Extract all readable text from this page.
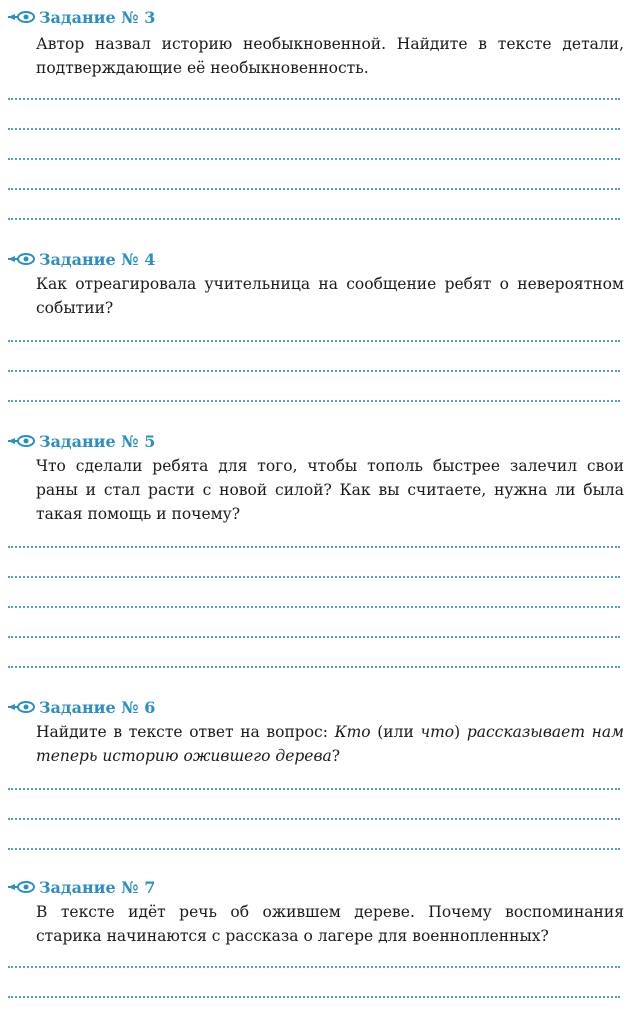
Задание № 3
Автор назвал историю необыкновенной. Найдите в тексте детали, подтверждающие её необыкновенность.
Задание № 4
Как отреагировала учительница на сообщение ребят о невероятном событии?
Задание № 5
Что сделали ребята для того, чтобы тополь быстрее залечил свои раны и стал расти с новой силой? Как вы считаете, нужна ли была такая помощь и почему?
Задание № 6
Найдите в тексте ответ на вопрос: Кто (или что) рассказывает нам теперь историю ожившего дерева?
Задание № 7
В тексте идёт речь об ожившем дереве. Почему воспоминания старика начинаются с рассказа о лагере для военнопленных?
